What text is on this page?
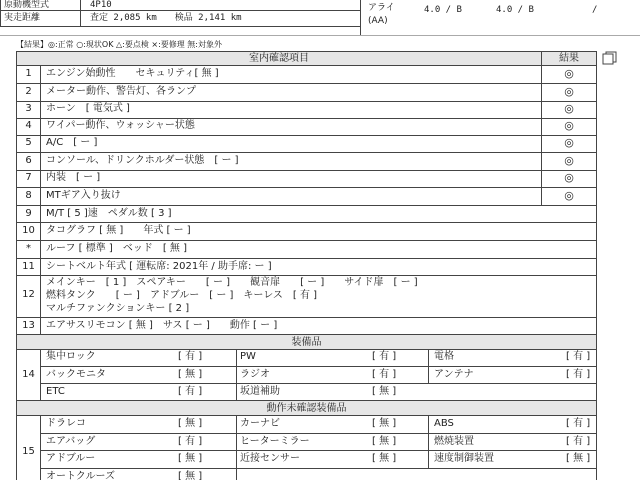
原動機型式	4P10
実走距離	査定 2,085 km　　検品 2,141 km
アライ
(AA)
4.0 / B	4.0 / B	/
【結果】◎:正常 ○:現状OK △:要点検 ×:要修理 無:対象外
室内確認項目	結果
1	エンジン始動性　　セキュリティ[ 無 ]	◎
2	メーター動作、警告灯、各ランプ	◎
3	ホーン　[ 電気式 ]	◎
4	ワイパー動作、ウォッシャー状態	◎
5	A/C　[ ー ]	◎
6	コンソール、ドリンクホルダー状態　[ ー ]	◎
7	内装　[ ー ]	◎
8	MTギア入り抜け	◎
9	M/T [ 5 ]速　ペダル数 [ 3 ]
10	タコグラフ [ 無 ]　　年式 [ ー ]
*	ルーフ [ 標準 ]　ベッド　[ 無 ]
11	シートベルト年式 [ 運転席: 2021年 / 助手席: ー ]
12
メインキー　[ 1 ]　スペアキー　　[ ー ]　　観音扉　　[ ー ]　　サイド扉　[ ー ]
燃料タンク　　[ ー ]　アドブルー　[ ー ]　キーレス　[ 有 ]
マルチファンクションキー [ 2 ]
13	エアサスリモコン [ 無 ]　サス [ ー ]　　動作 [ ー ]
装備品
14
集中ロック	[ 有 ]	PW	[ 有 ]	電格	[ 有 ]
バックモニタ	[ 無 ]	ラジオ	[ 有 ]	アンテナ	[ 有 ]
ETC	[ 有 ]	坂道補助	[ 無 ]
動作未確認装備品
15
ドラレコ	[ 無 ]	カーナビ	[ 無 ]	ABS	[ 有 ]
エアバッグ	[ 有 ]	ヒーターミラー	[ 無 ]	燃焼装置	[ 有 ]
アドブルー	[ 無 ]	近接センサー	[ 無 ]	速度制御装置	[ 無 ]
オートクルーズ	[ 無 ]
